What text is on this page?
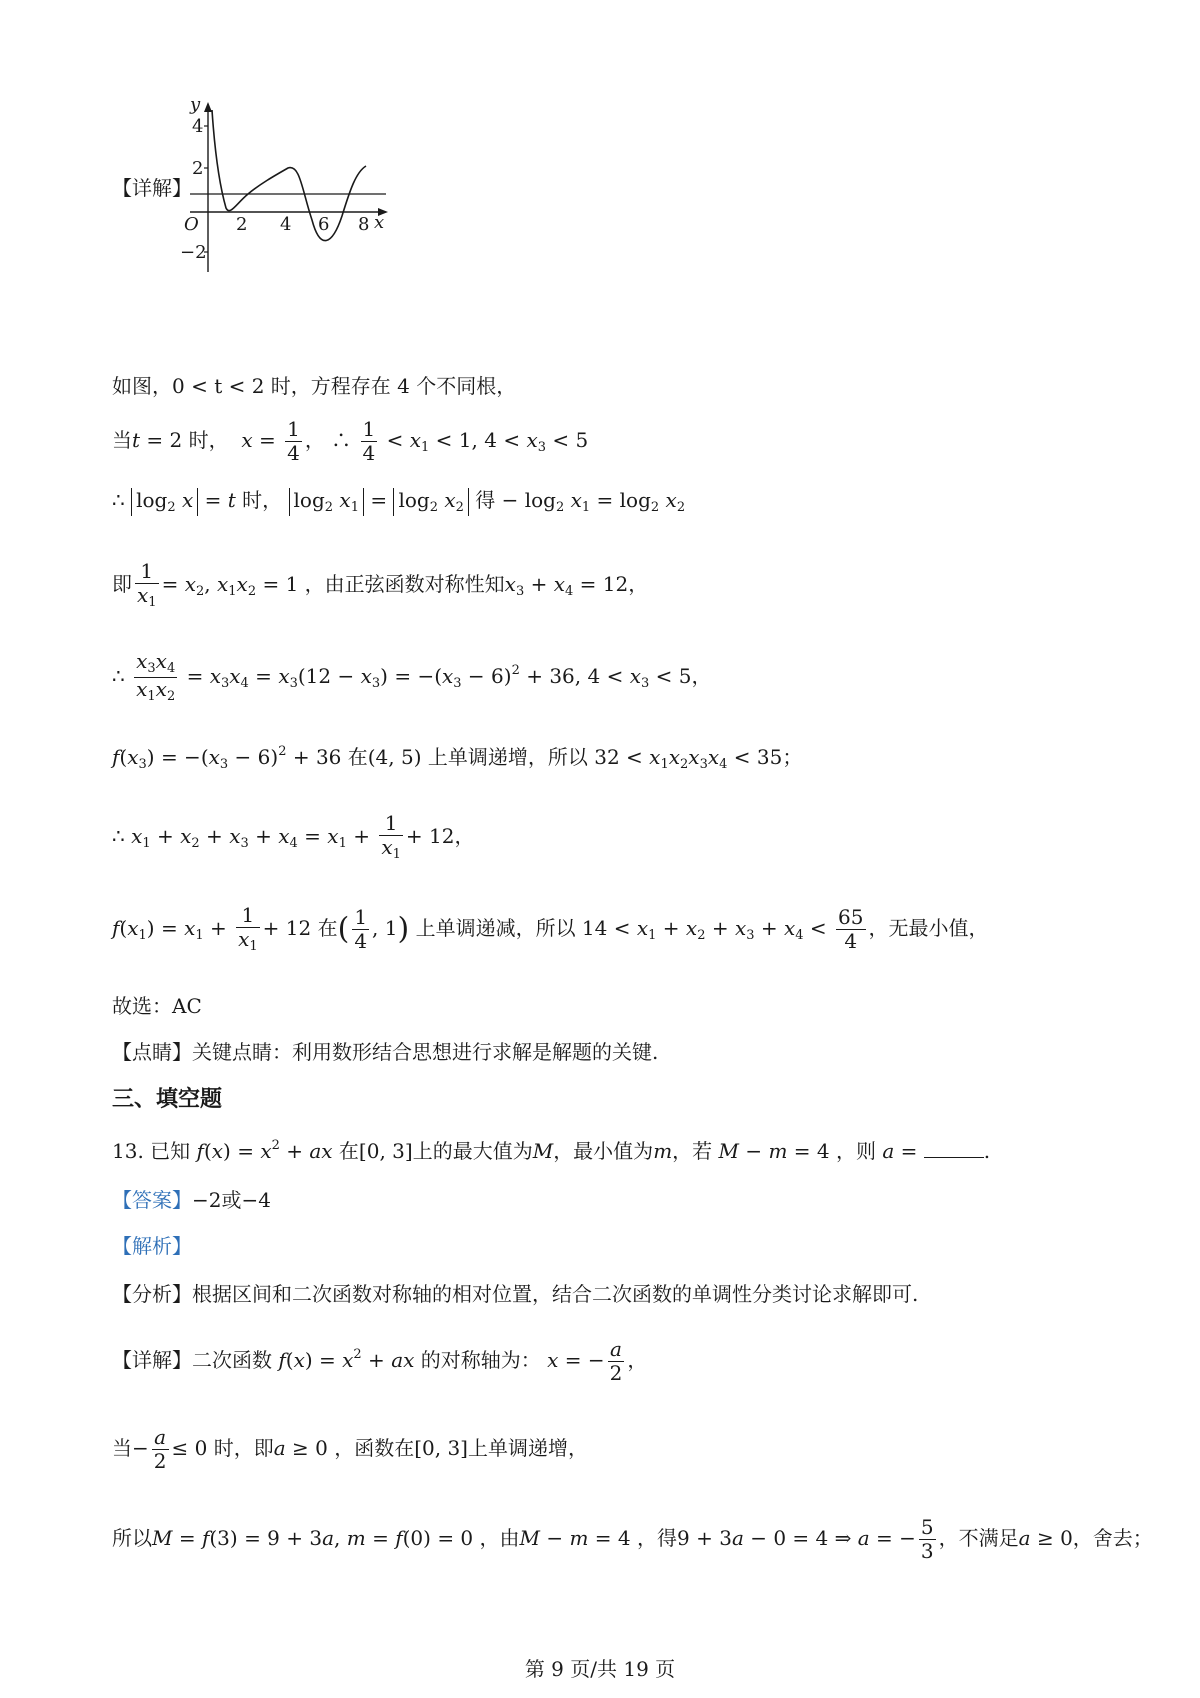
【详解】
y
4
2
−2
O 2 4 6 8 x
如图，0 < t < 2 时，方程存在 4 个不同根，
当t = 2 时， $x = \frac{1}{4}$ ， ∴ $\frac{1}{4} < x_1 < 1$, $4 < x_3 < 5$
∴ $\log_2 x = t$ 时， $\log_2 x_1 = \log_2 x_2$ 得 − $\log_2 x_1 = \log_2 x_2$
即 $\frac{1}{x_1} = x_2$, $x_1x_2 = 1$ ，由正弦函数对称性知$x_3 + x_4 = 12$，
∴ $\frac{x_3x_4}{x_1x_2} = x_3x_4 = x_3(12 - x_3) = -(x_3 - 6)^2 + 36$, $4 < x_3 < 5$，
$f(x_3) = -(x_3 - 6)^2 + 36$ 在(4, 5) 上单调递增，所以 $32 < x_1x_2x_3x_4 < 35$；
∴ $x_1 + x_2 + x_3 + x_4 = x_1 + \frac{1}{x_1} + 12$，
$f(x_1) = x_1 + \frac{1}{x_1} + 12$ 在( $\frac{1}{4}$ , 1) 上单调递减，所以 $14 < x_1 + x_2 + x_3 + x_4 < \frac{65}{4}$ ，无最小值，
故选：AC
【点睛】关键点睛：利用数形结合思想进行求解是解题的关键.
三、填空题
13. 已知 $f(x) = x^2$ + ax 在[0, 3]上的最大值为M，最小值为m，若 M − m = 4 ，则 a =	.
【答案】−2或−4
【解析】
【分析】根据区间和二次函数对称轴的相对位置，结合二次函数的单调性分类讨论求解即可.
【详解】二次函数 $f(x) = x^2$ + ax 的对称轴为： x = − $\frac{a}{2}$ ，
当− $\frac{a}{2} \le 0$ 时，即a ≥ 0 ，函数在[0, 3]上单调递增，
所以M = f(3) = 9 + 3a, m = f(0) = 0 ，由M − m = 4 ，得9 + 3a − 0 = 4 ⇒ a = − $\frac{5}{3}$ ，不满足a ≥ 0，舍去；
第 9 页/共 19 页
